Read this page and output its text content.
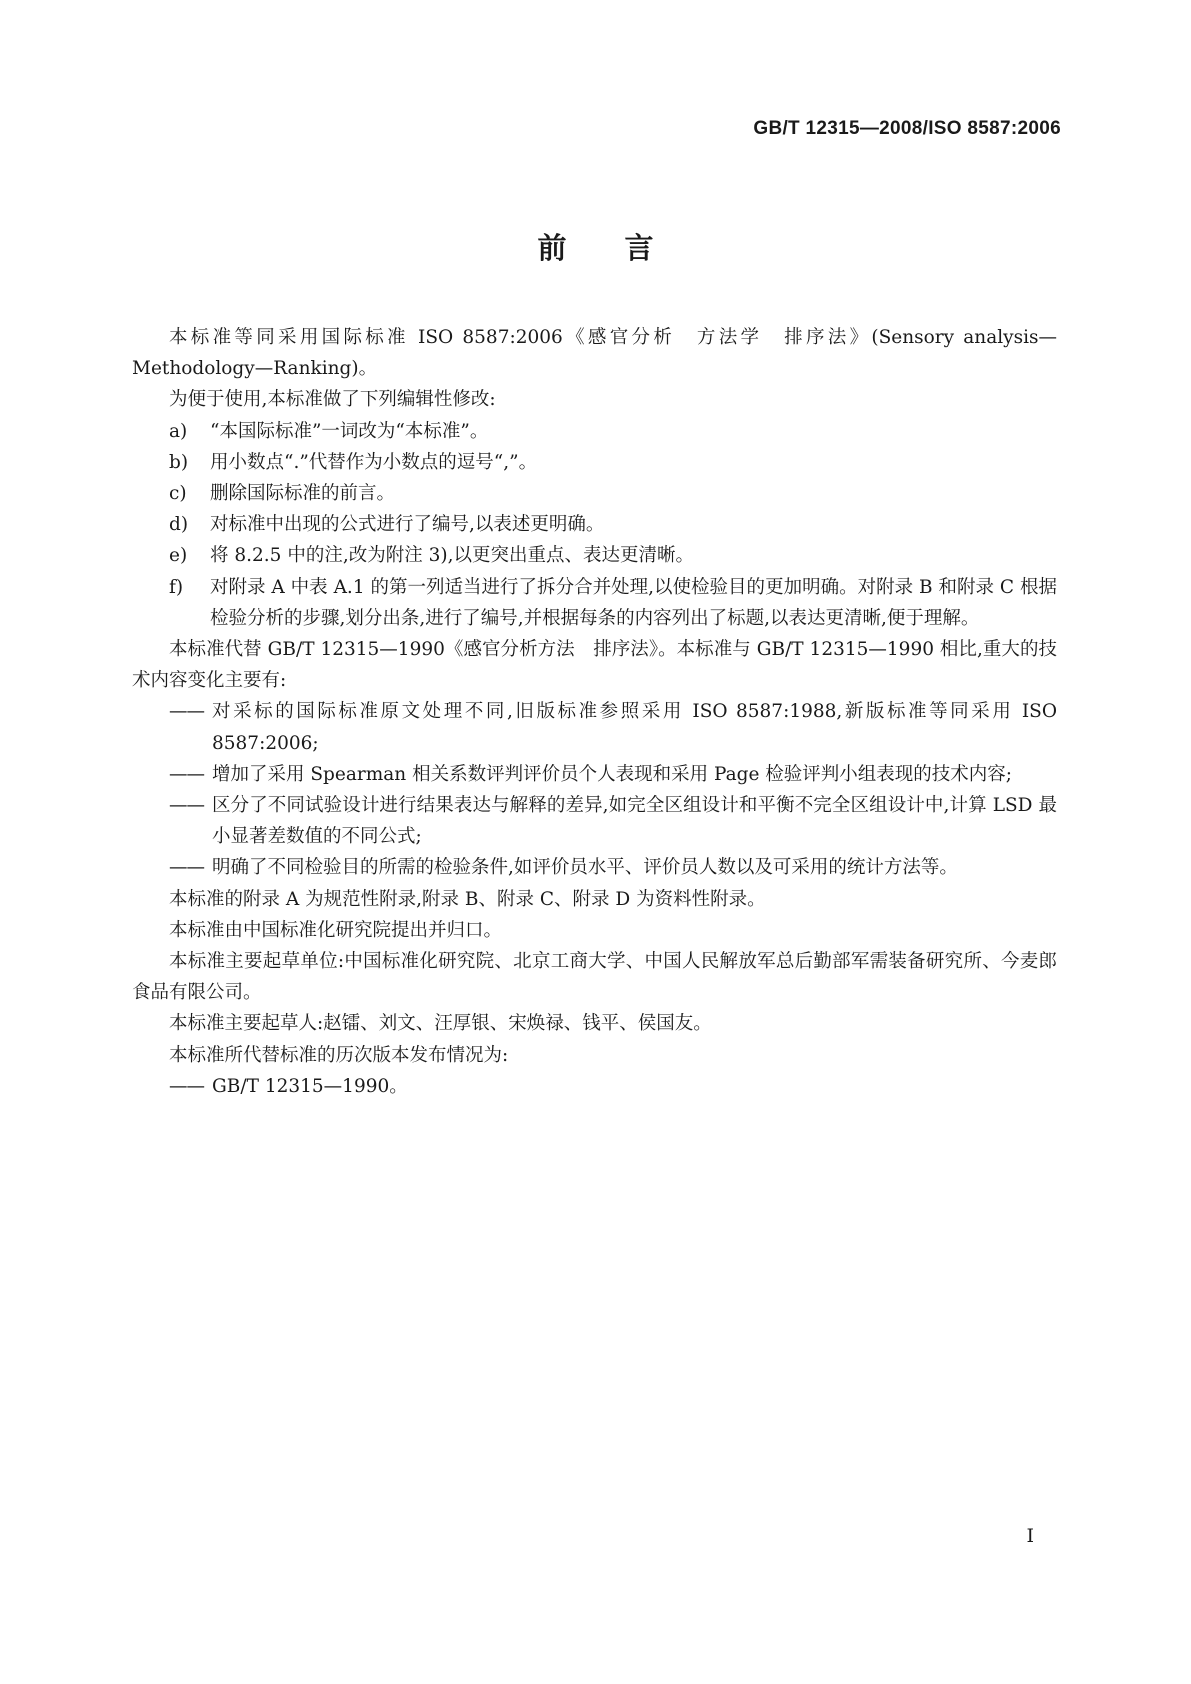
GB/T 12315—2008/ISO 8587:2006
前言

本标准等同采用国际标准 ISO 8587:2006《感官分析　方法学　排序法》(Sensory analysis—Methodology—Ranking)。

为便于使用,本标准做了下列编辑性修改:

a) “本国际标准”一词改为“本标准”。
b) 用小数点“.”代替作为小数点的逗号“,”。
c) 删除国际标准的前言。
d) 对标准中出现的公式进行了编号,以表述更明确。
e) 将 8.2.5 中的注,改为附注 3),以更突出重点、表达更清晰。
f) 对附录 A 中表 A.1 的第一列适当进行了拆分合并处理,以使检验目的更加明确。对附录 B 和附录 C 根据检验分析的步骤,划分出条,进行了编号,并根据每条的内容列出了标题,以表达更清晰,便于理解。

本标准代替 GB/T 12315—1990《感官分析方法　排序法》。本标准与 GB/T 12315—1990 相比,重大的技术内容变化主要有:

—— 对采标的国际标准原文处理不同,旧版标准参照采用 ISO 8587:1988,新版标准等同采用 ISO 8587:2006;
—— 增加了采用 Spearman 相关系数评判评价员个人表现和采用 Page 检验评判小组表现的技术内容;
—— 区分了不同试验设计进行结果表达与解释的差异,如完全区组设计和平衡不完全区组设计中,计算 LSD 最小显著差数值的不同公式;
—— 明确了不同检验目的所需的检验条件,如评价员水平、评价员人数以及可采用的统计方法等。

本标准的附录 A 为规范性附录,附录 B、附录 C、附录 D 为资料性附录。

本标准由中国标准化研究院提出并归口。

本标准主要起草单位:中国标准化研究院、北京工商大学、中国人民解放军总后勤部军需装备研究所、今麦郎食品有限公司。

本标准主要起草人:赵镭、刘文、汪厚银、宋焕禄、钱平、侯国友。

本标准所代替标准的历次版本发布情况为:

—— GB/T 12315—1990。
I
